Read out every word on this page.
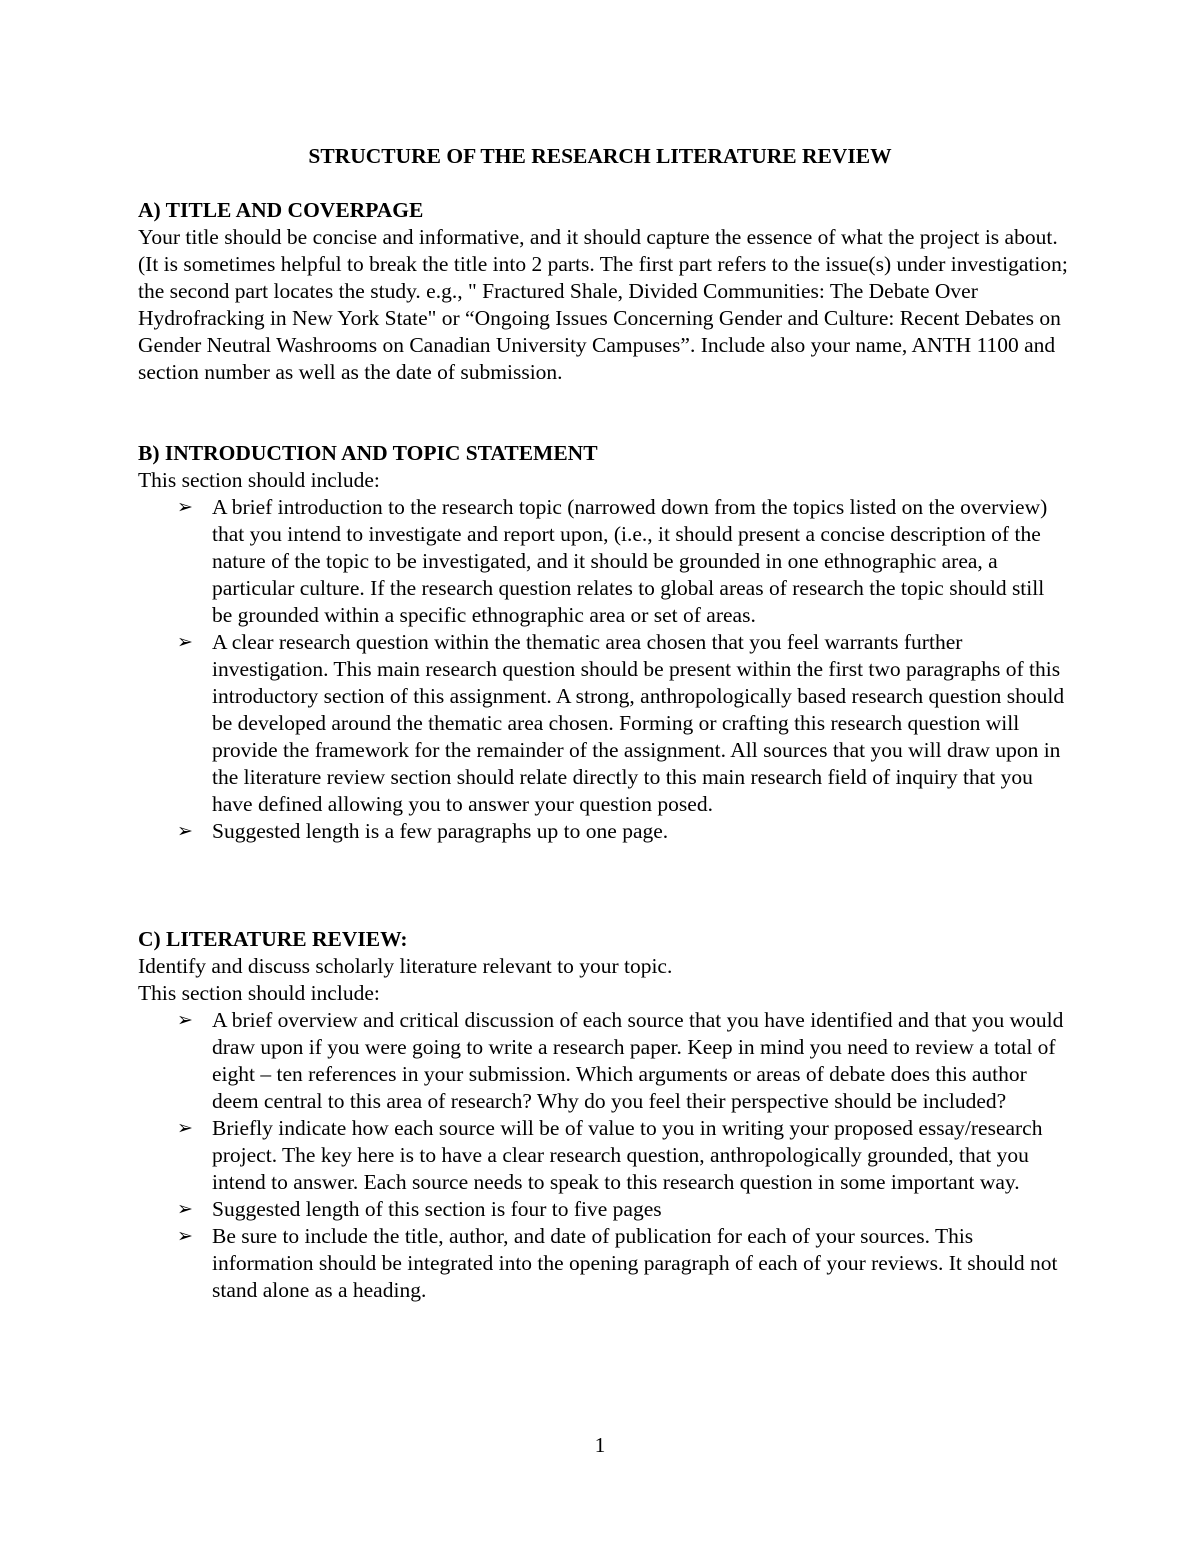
STRUCTURE OF THE RESEARCH LITERATURE REVIEW
A) TITLE AND COVERPAGE

Your title should be concise and informative, and it should capture the essence of what the project is about. (It is sometimes helpful to break the title into 2 parts. The first part refers to the issue(s) under investigation; the second part locates the study. e.g., " Fractured Shale, Divided Communities: The Debate Over Hydrofracking in New York State" or “Ongoing Issues Concerning Gender and Culture: Recent Debates on Gender Neutral Washrooms on Canadian University Campuses”. Include also your name, ANTH 1100 and section number as well as the date of submission.

B) INTRODUCTION AND TOPIC STATEMENT

This section should include:

➢ A brief introduction to the research topic (narrowed down from the topics listed on the overview) that you intend to investigate and report upon, (i.e., it should present a concise description of the nature of the topic to be investigated, and it should be grounded in one ethnographic area, a particular culture. If the research question relates to global areas of research the topic should still be grounded within a specific ethnographic area or set of areas.
➢ A clear research question within the thematic area chosen that you feel warrants further investigation. This main research question should be present within the first two paragraphs of this introductory section of this assignment. A strong, anthropologically based research question should be developed around the thematic area chosen. Forming or crafting this research question will provide the framework for the remainder of the assignment. All sources that you will draw upon in the literature review section should relate directly to this main research field of inquiry that you have defined allowing you to answer your question posed.
➢ Suggested length is a few paragraphs up to one page.
C) LITERATURE REVIEW:

Identify and discuss scholarly literature relevant to your topic.

This section should include:

➢ A brief overview and critical discussion of each source that you have identified and that you would draw upon if you were going to write a research paper. Keep in mind you need to review a total of eight – ten references in your submission. Which arguments or areas of debate does this author deem central to this area of research? Why do you feel their perspective should be included?
➢ Briefly indicate how each source will be of value to you in writing your proposed essay/research project. The key here is to have a clear research question, anthropologically grounded, that you intend to answer. Each source needs to speak to this research question in some important way.
➢ Suggested length of this section is four to five pages
➢ Be sure to include the title, author, and date of publication for each of your sources. This information should be integrated into the opening paragraph of each of your reviews. It should not stand alone as a heading.

1
